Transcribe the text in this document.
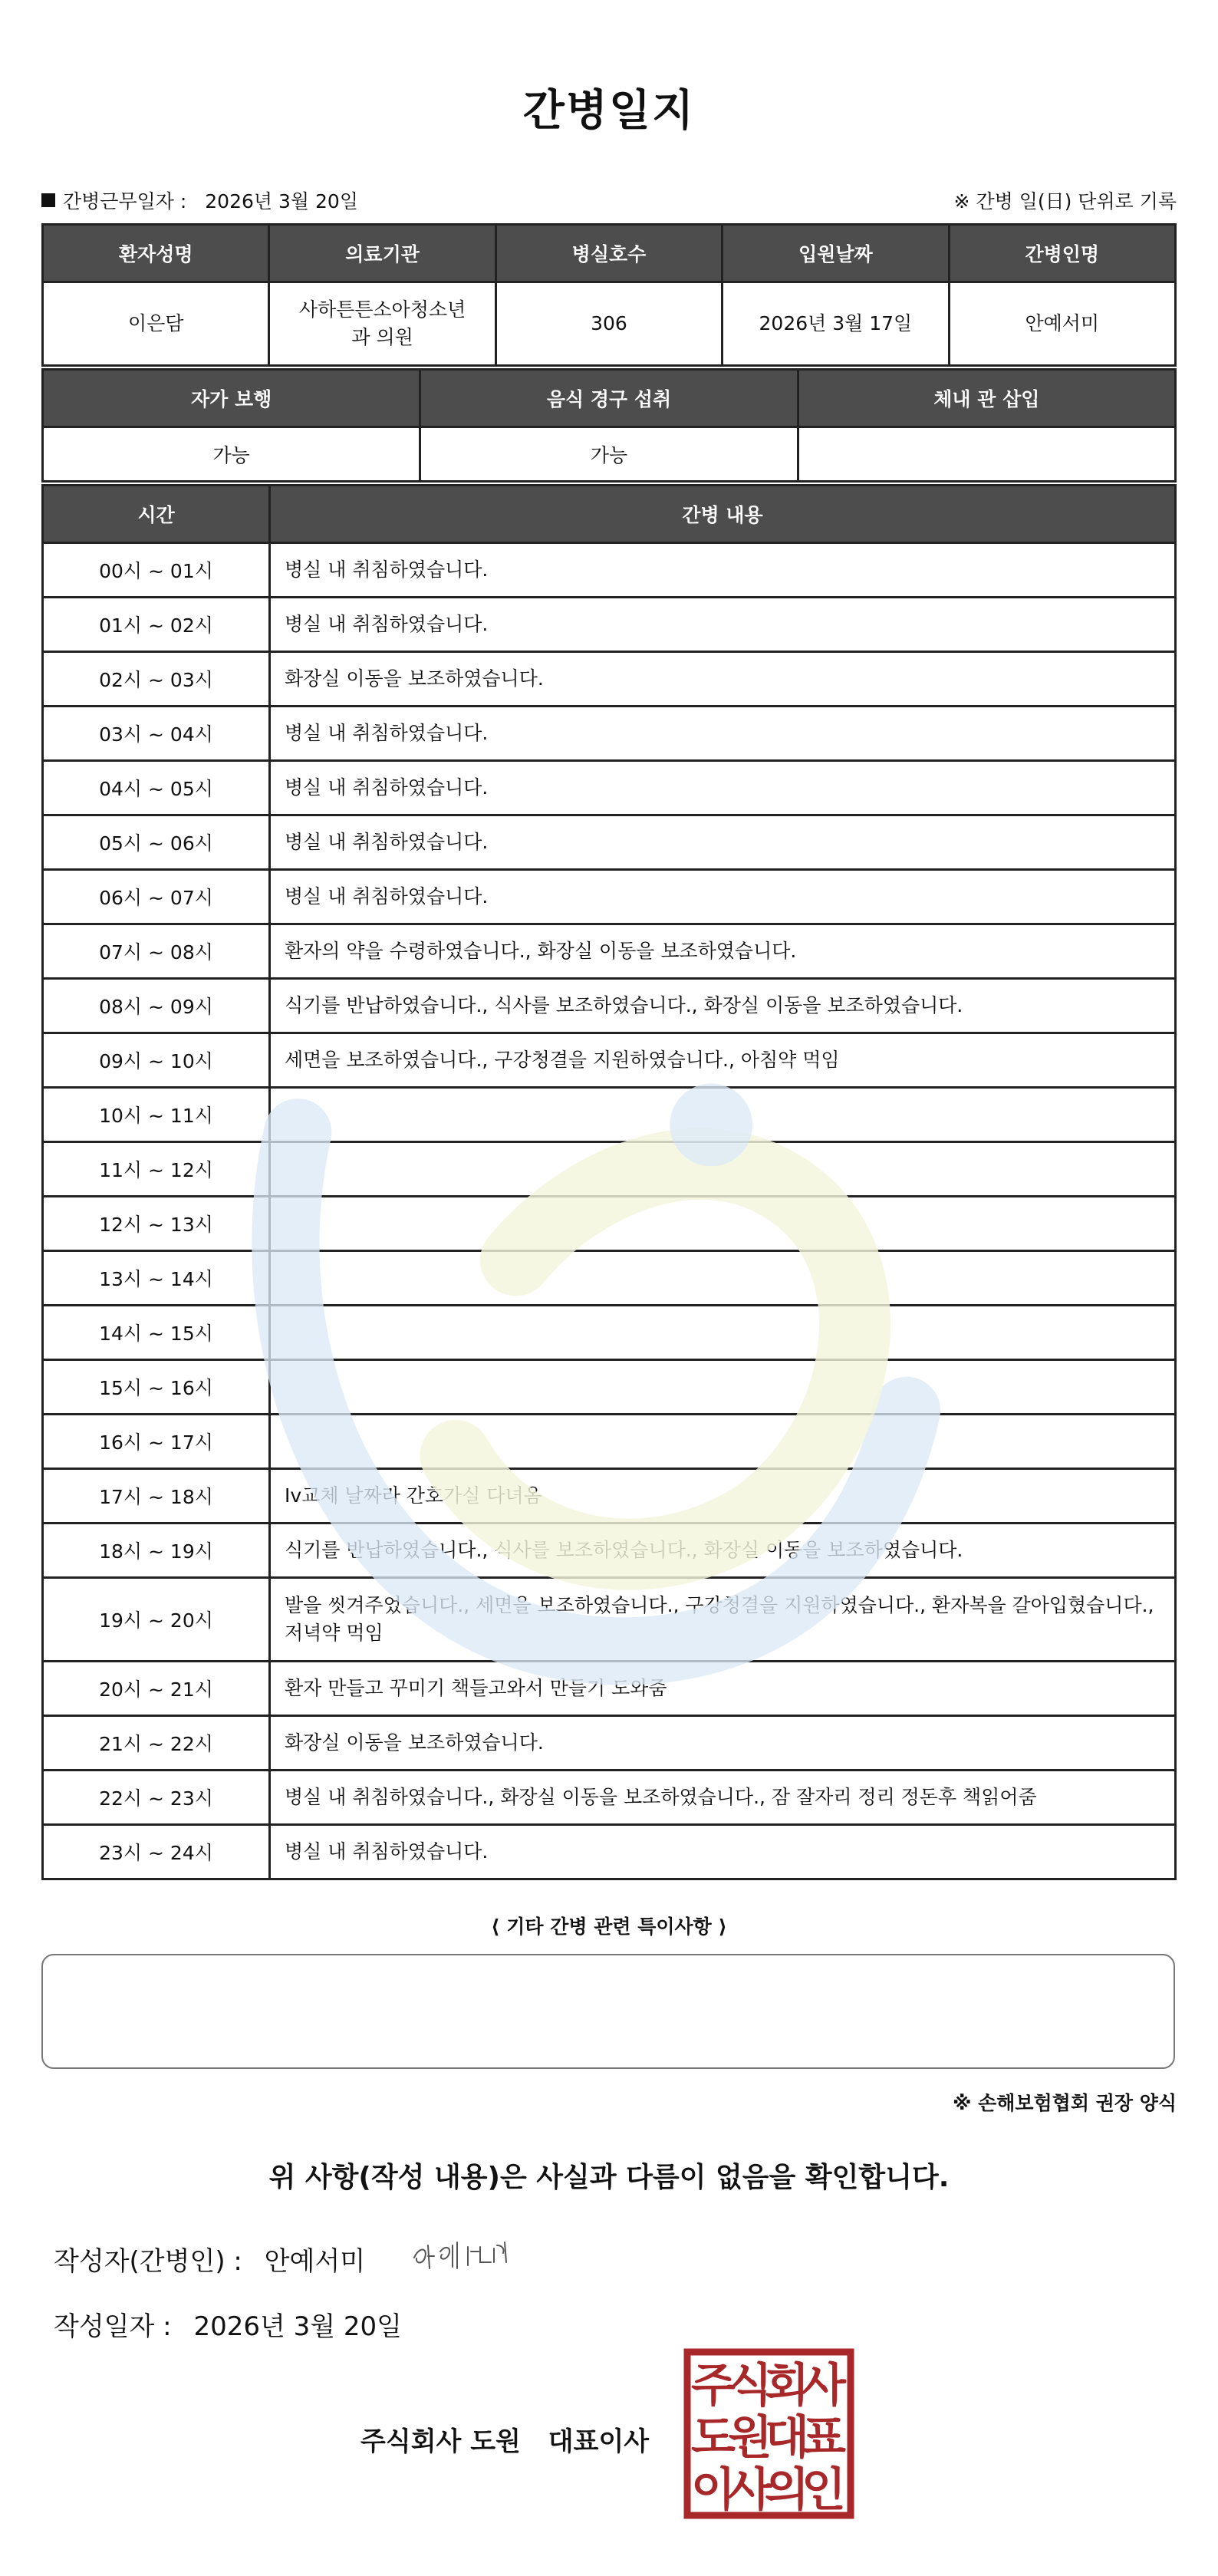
간병일지
간병근무일자 : 2026년 3월 20일	※ 간병 일(日) 단위로 기록
환자성명	의료기관	병실호수	입원날짜	간병인명
이은담	사하튼튼소아청소년과 의원	306	2026년 3월 17일	안예서미
자가 보행	음식 경구 섭취	체내 관 삽입
가능	가능	
시간	간병 내용
00시 ~ 01시	병실 내 취침하였습니다.
01시 ~ 02시	병실 내 취침하였습니다.
02시 ~ 03시	화장실 이동을 보조하였습니다.
03시 ~ 04시	병실 내 취침하였습니다.
04시 ~ 05시	병실 내 취침하였습니다.
05시 ~ 06시	병실 내 취침하였습니다.
06시 ~ 07시	병실 내 취침하였습니다.
07시 ~ 08시	환자의 약을 수령하였습니다., 화장실 이동을 보조하였습니다.
08시 ~ 09시	식기를 반납하였습니다., 식사를 보조하였습니다., 화장실 이동을 보조하였습니다.
09시 ~ 10시	세면을 보조하였습니다., 구강청결을 지원하였습니다., 아침약 먹임
10시 ~ 11시	
11시 ~ 12시	
12시 ~ 13시	
13시 ~ 14시	
14시 ~ 15시	
15시 ~ 16시	
16시 ~ 17시	
17시 ~ 18시	Iv교체 날짜라 간호가실 다녀옴
18시 ~ 19시	식기를 반납하였습니다., 식사를 보조하였습니다., 화장실 이동을 보조하였습니다.
19시 ~ 20시	발을 씻겨주었습니다., 세면을 보조하였습니다., 구강청결을 지원하였습니다., 환자복을 갈아입혔습니다., 저녁약 먹임
20시 ~ 21시	환자 만들고 꾸미기 책들고와서 만들기 도와줌
21시 ~ 22시	화장실 이동을 보조하였습니다.
22시 ~ 23시	병실 내 취침하였습니다., 화장실 이동을 보조하였습니다., 잠 잘자리 정리 정돈후 책읽어줌
23시 ~ 24시	병실 내 취침하였습니다.
⟨ 기타 간병 관련 특이사항 ⟩
※ 손해보험협회 권장 양식
위 사항(작성 내용)은 사실과 다름이 없음을 확인합니다.
작성자(간병인) : 안예서미
작성일자 : 2026년 3월 20일
주식회사 도원 대표이사
주
식
회
사
도
원
대
표
이
사
의
인
